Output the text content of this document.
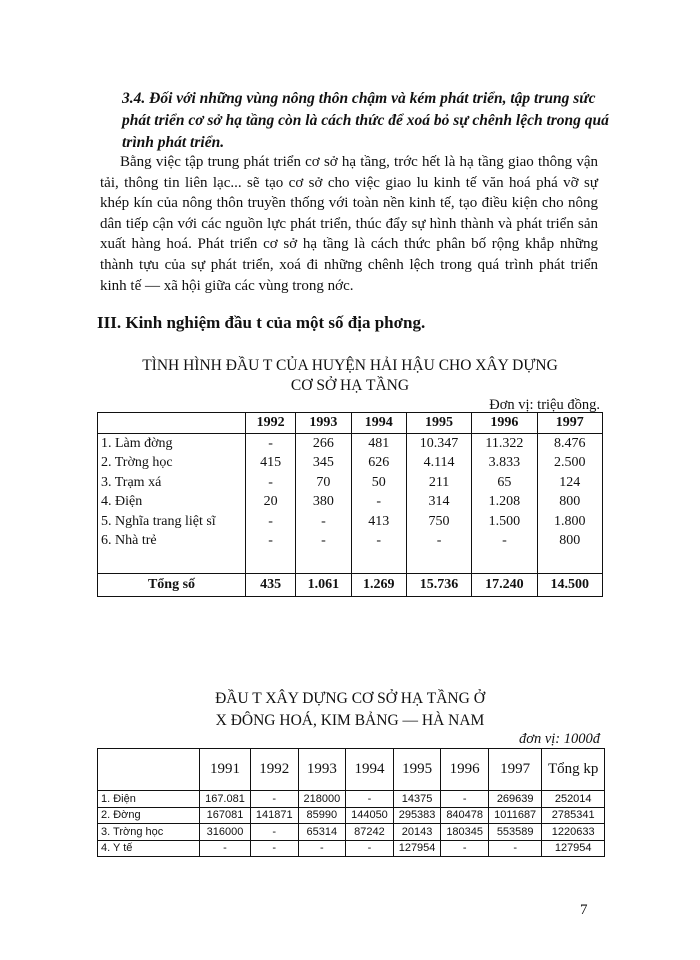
3.4. Đối với những vùng nông thôn chậm và kém phát triển, tập trung sức phát triển cơ sở hạ tầng còn là cách thức để xoá bỏ sự chênh lệch trong quá trình phát triển.
Bằng việc tập trung phát triển cơ sở hạ tầng, trớc hết là hạ tầng giao thông vận tải, thông tin liên lạc... sẽ tạo cơ sở cho việc giao lu kinh tế văn hoá phá vỡ sự khép kín của nông thôn truyền thống với toàn nền kinh tế, tạo điều kiện cho nông dân tiếp cận với các nguồn lực phát triển, thúc đẩy sự hình thành và phát triển sản xuất hàng hoá. Phát triển cơ sở hạ tầng là cách thức phân bố rộng khắp những thành tựu của sự phát triển, xoá đi những chênh lệch trong quá trình phát triển kinh tế — xã hội giữa các vùng trong nớc.
III. Kinh nghiệm đầu t của một số địa phơng.
TÌNH HÌNH ĐẦU T CỦA HUYỆN HẢI HẬU CHO XÂY DỰNG
CƠ SỞ HẠ TẦNG
Đơn vị: triệu đồng.
	1992	1993	1994	1995	1996	1997
1. Làm đờng	-	266	481	10.347	11.322	8.476
2. Trờng học	415	345	626	4.114	3.833	2.500
3. Trạm xá	-	70	50	211	65	124
4. Điện	20	380	-	314	1.208	800
5. Nghĩa trang liệt sĩ	-	-	413	750	1.500	1.800
6. Nhà trẻ	-	-	-	-	-	800

Tổng số	435	1.061	1.269	15.736	17.240	14.500
ĐẦU T XÂY DỰNG CƠ SỞ HẠ TẦNG Ở
X ĐÔNG HOÁ, KIM BẢNG — HÀ NAM
đơn vị: 1000đ
	1991	1992	1993	1994	1995	1996	1997	Tổng kp
1. Điện	167.081	-	218000	-	14375	-	269639	252014
2. Đờng	167081	141871	85990	144050	295383	840478	1011687	2785341
3. Trờng học	316000	-	65314	87242	20143	180345	553589	1220633
4. Y tế	-	-	-	-	127954	-	-	127954
7
